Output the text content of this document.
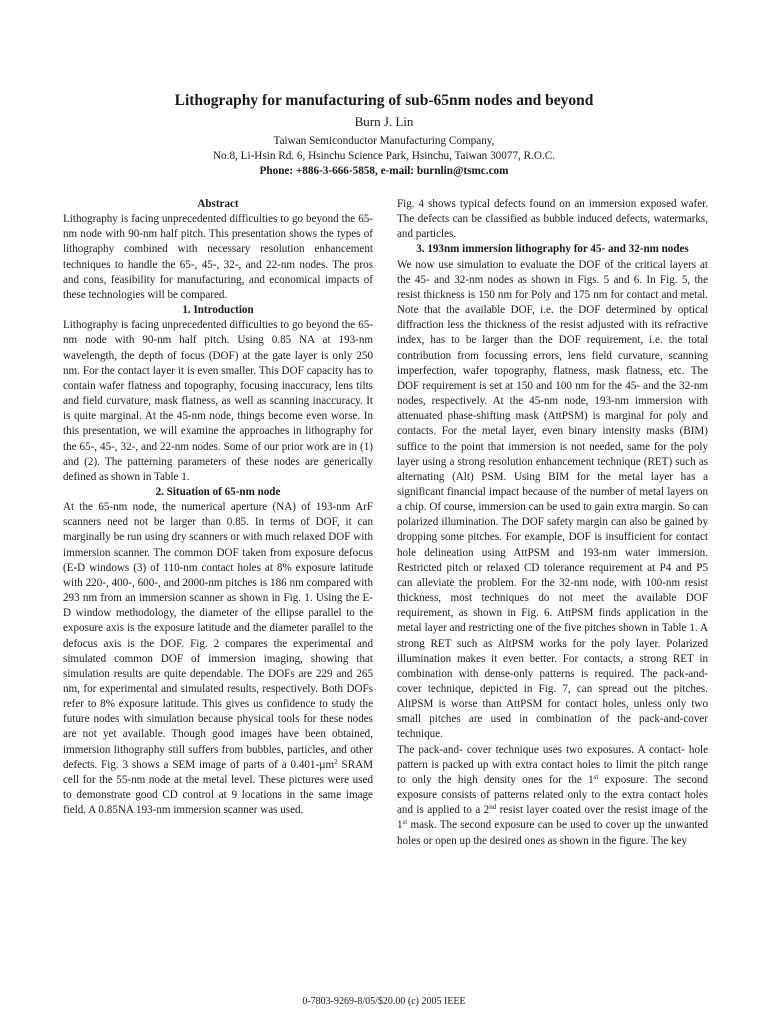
Lithography for manufacturing of sub-65nm nodes and beyond
Burn J. Lin
Taiwan Semiconductor Manufacturing Company,
No.8, Li-Hsin Rd. 6, Hsinchu Science Park, Hsinchu, Taiwan 30077, R.O.C.
Phone: +886-3-666-5858, e-mail: burnlin@tsmc.com
Abstract

Lithography is facing unprecedented difficulties to go beyond the 65-nm node with 90-nm half pitch. This presentation shows the types of lithography combined with necessary resolution enhancement techniques to handle the 65-, 45-, 32-, and 22-nm nodes. The pros and cons, feasibility for manufacturing, and economical impacts of these technologies will be compared.

1. Introduction

Lithography is facing unprecedented difficulties to go beyond the 65-nm node with 90-nm half pitch. Using 0.85 NA at 193-nm wavelength, the depth of focus (DOF) at the gate layer is only 250 nm. For the contact layer it is even smaller. This DOF capacity has to contain wafer flatness and topography, focusing inaccuracy, lens tilts and field curvature, mask flatness, as well as scanning inaccuracy. It is quite marginal. At the 45-nm node, things become even worse. In this presentation, we will examine the approaches in lithography for the 65-, 45-, 32-, and 22-nm nodes. Some of our prior work are in (1) and (2). The patterning parameters of these nodes are generically defined as shown in Table 1.

2. Situation of 65-nm node

At the 65-nm node, the numerical aperture (NA) of 193-nm ArF scanners need not be larger than 0.85. In terms of DOF, it can marginally be run using dry scanners or with much relaxed DOF with immersion scanner. The common DOF taken from exposure defocus (E-D windows (3) of 110-nm contact holes at 8% exposure latitude with 220-, 400-, 600-, and 2000-nm pitches is 186 nm compared with 293 nm from an immersion scanner as shown in Fig. 1. Using the E-D window methodology, the diameter of the ellipse parallel to the exposure axis is the exposure latitude and the diameter parallel to the defocus axis is the DOF. Fig. 2 compares the experimental and simulated common DOF of immersion imaging, showing that simulation results are quite dependable. The DOFs are 229 and 265 nm, for experimental and simulated results, respectively. Both DOFs refer to 8% exposure latitude. This gives us confidence to study the future nodes with simulation because physical tools for these nodes are not yet available. Though good images have been obtained, immersion lithography still suffers from bubbles, particles, and other defects. Fig. 3 shows a SEM image of parts of a 0.401-µm$^2$ SRAM cell for the 55-nm node at the metal level. These pictures were used to demonstrate good CD control at 9 locations in the same image field. A 0.85NA 193-nm immersion scanner was used.

Fig. 4 shows typical defects found on an immersion exposed wafer. The defects can be classified as bubble induced defects, watermarks, and particles.

3. 193nm immersion lithography for 45- and 32-nm nodes

We now use simulation to evaluate the DOF of the critical layers at the 45- and 32-nm nodes as shown in Figs. 5 and 6. In Fig. 5, the resist thickness is 150 nm for Poly and 175 nm for contact and metal. Note that the available DOF, i.e. the DOF determined by optical diffraction less the thickness of the resist adjusted with its refractive index, has to be larger than the DOF requirement, i.e. the total contribution from focussing errors, lens field curvature, scanning imperfection, wafer topography, flatness, mask flatness, etc. The DOF requirement is set at 150 and 100 nm for the 45- and the 32-nm nodes, respectively. At the 45-nm node, 193-nm immersion with attenuated phase-shifting mask (AttPSM) is marginal for poly and contacts. For the metal layer, even binary intensity masks (BIM) suffice to the point that immersion is not needed, same for the poly layer using a strong resolution enhancement technique (RET) such as alternating (Alt) PSM. Using BIM for the metal layer has a significant financial impact because of the number of metal layers on a chip. Of course, immersion can be used to gain extra margin. So can polarized illumination. The DOF safety margin can also be gained by dropping some pitches. For example, DOF is insufficient for contact hole delineation using AttPSM and 193-nm water immersion. Restricted pitch or relaxed CD tolerance requirement at P4 and P5 can alleviate the problem. For the 32-nm node, with 100-nm resist thickness, most techniques do not meet the available DOF requirement, as shown in Fig. 6. AttPSM finds application in the metal layer and restricting one of the five pitches shown in Table 1. A strong RET such as AltPSM works for the poly layer. Polarized illumination makes it even better. For contacts, a strong RET in combination with dense-only patterns is required. The pack-and-cover technique, depicted in Fig. 7, can spread out the pitches. AltPSM is worse than AttPSM for contact holes, unless only two small pitches are used in combination of the pack-and-cover technique.

The pack-and- cover technique uses two exposures. A contact- hole pattern is packed up with extra contact holes to limit the pitch range to only the high density ones for the 1st exposure. The second exposure consists of patterns related only to the extra contact holes and is applied to a 2nd resist layer coated over the resist image of the 1st mask. The second exposure can be used to cover up the unwanted holes or open up the desired ones as shown in the figure. The key

0-7803-9269-8/05/$20.00 (c) 2005 IEEE
